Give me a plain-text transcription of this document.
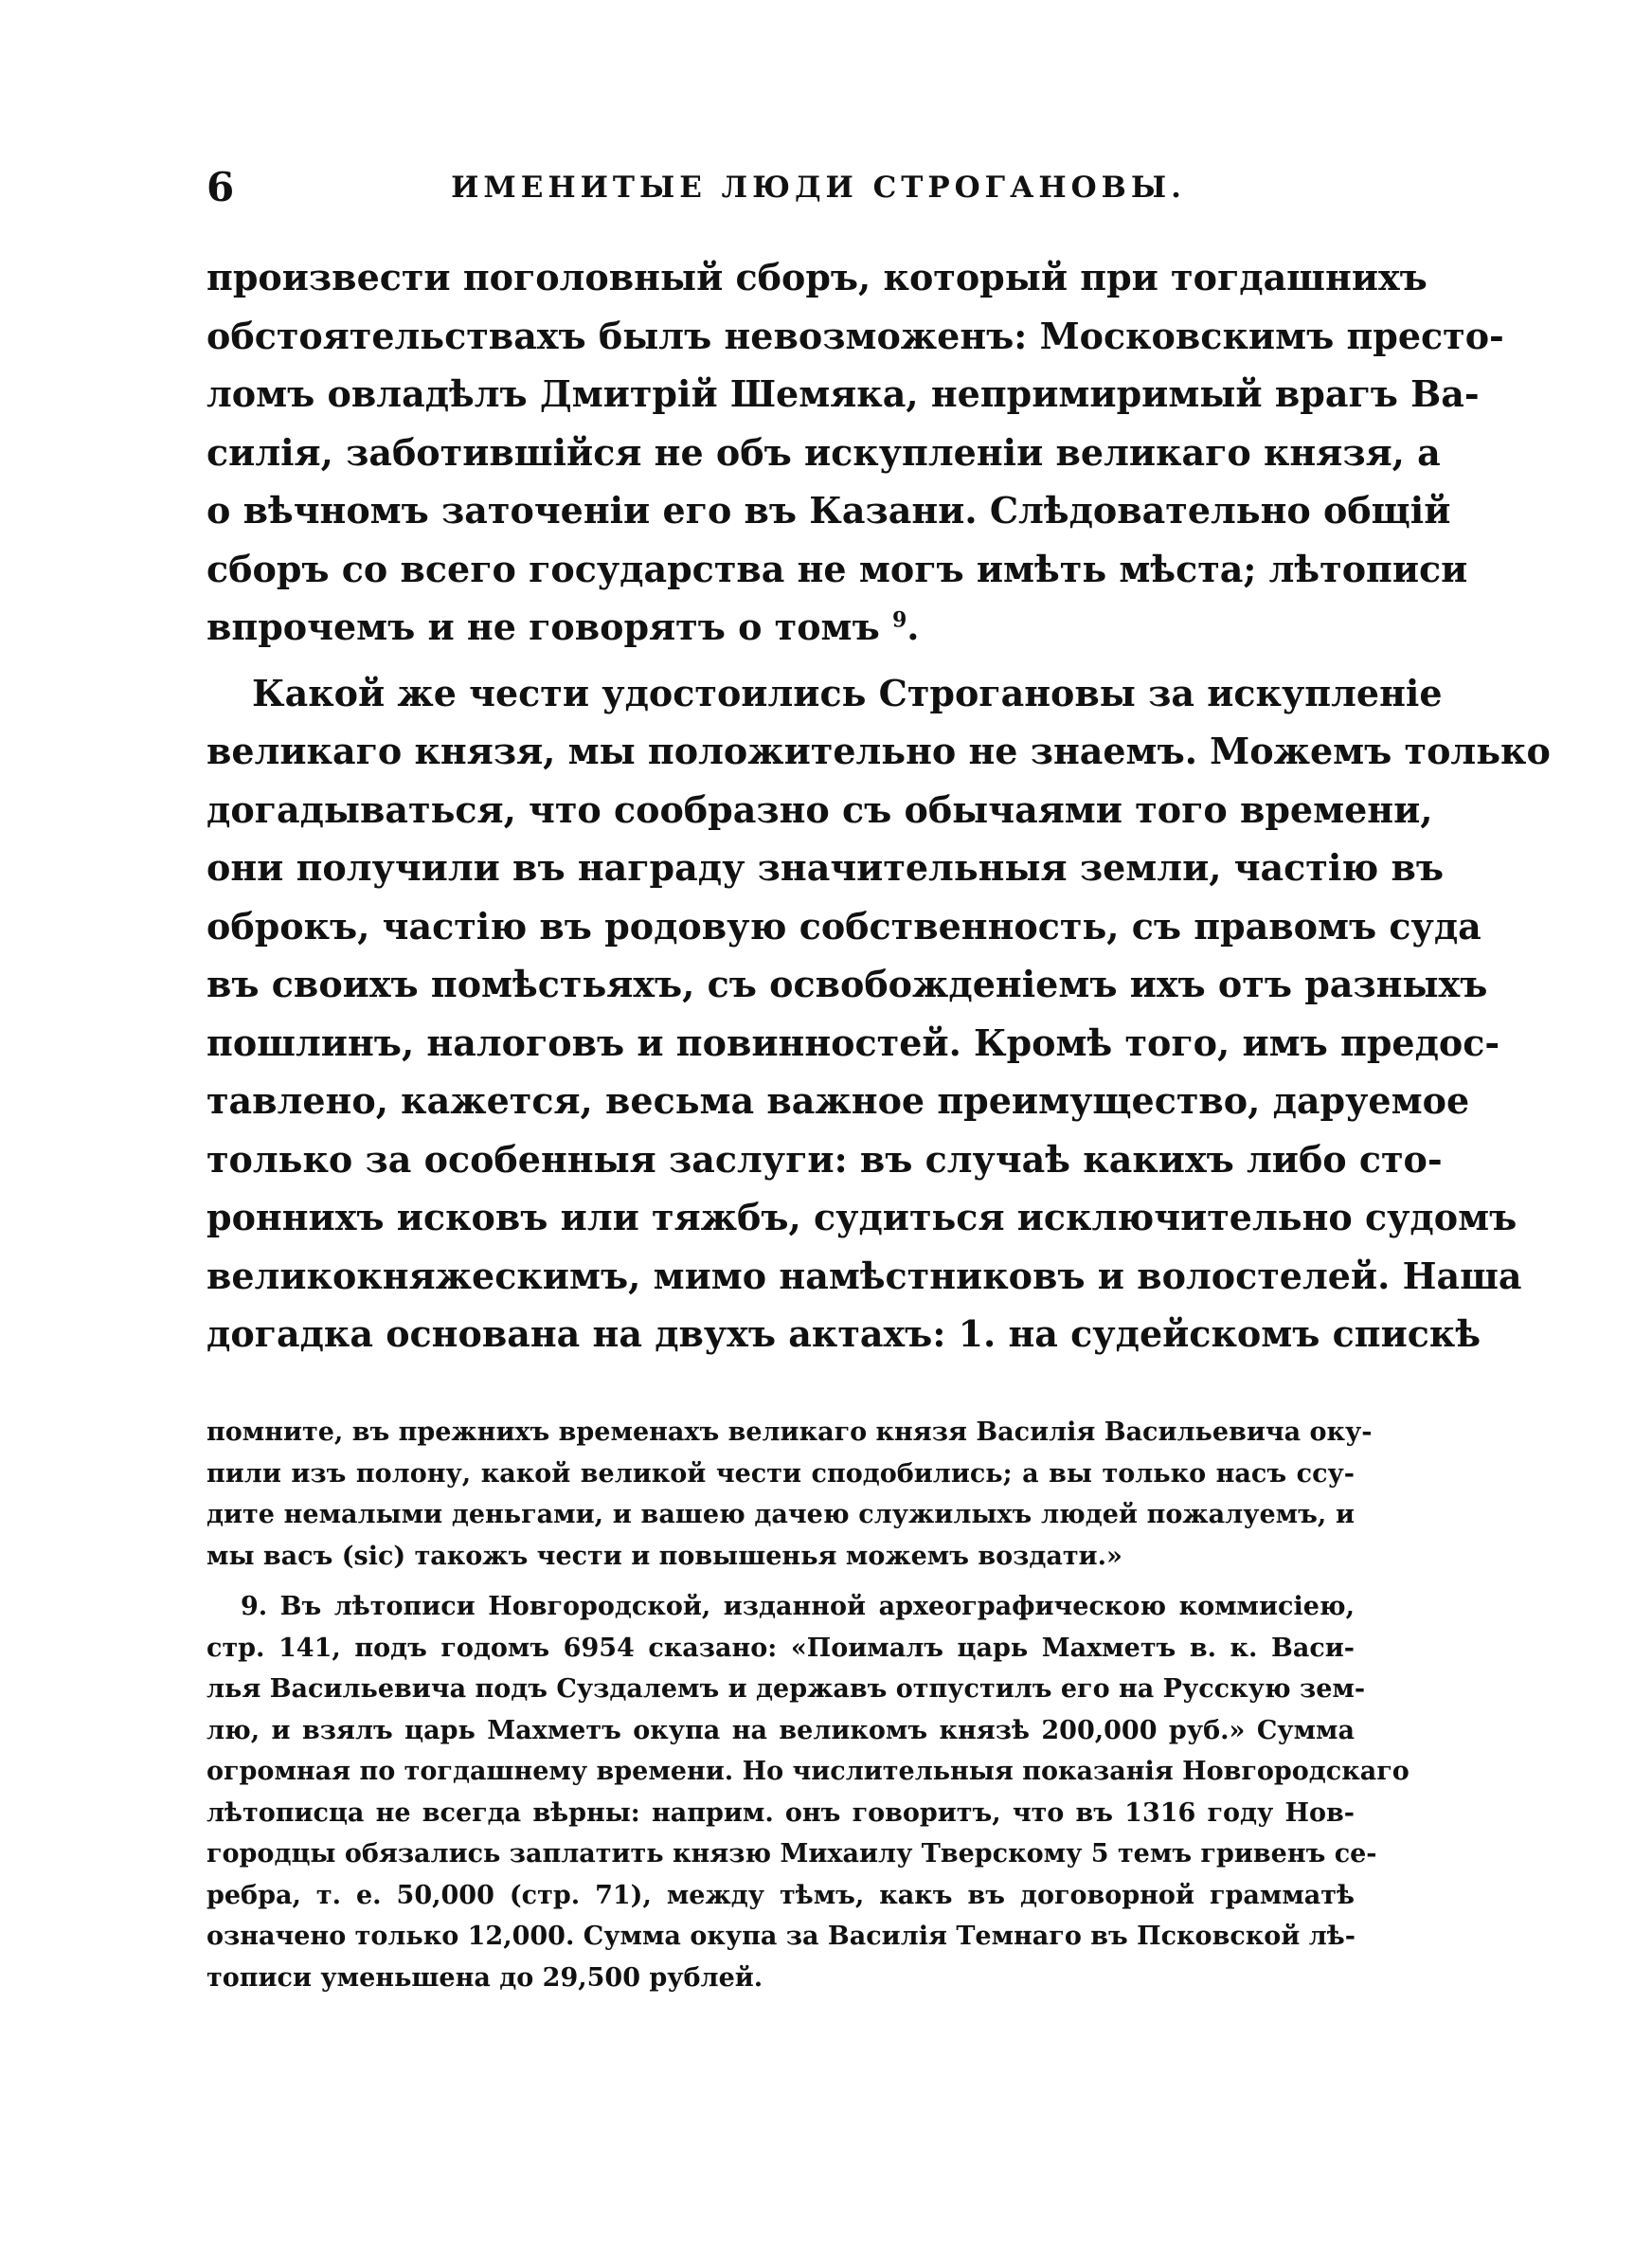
6	ИМЕНИТЫЕ ЛЮДИ СТРОГАНОВЫ.
произвести поголовный сборъ, который при тогдашнихъ
обстоятельствахъ былъ невозможенъ: Московскимъ престо-
ломъ овладѣлъ Дмитрій Шемяка, непримиримый врагъ Ва-
силія, заботившійся не объ искупленіи великаго князя, а
о вѣчномъ заточеніи его въ Казани. Слѣдовательно общій
сборъ со всего государства не могъ имѣть мѣста; лѣтописи
впрочемъ и не говорятъ о томъ $^9$.
Какой же чести удостоились Строгановы за искупленіе
великаго князя, мы положительно не знаемъ. Можемъ только
догадываться, что сообразно съ обычаями того времени,
они получили въ награду значительныя земли, частію въ
оброкъ, частію въ родовую собственность, съ правомъ суда
въ своихъ помѣстьяхъ, съ освобожденіемъ ихъ отъ разныхъ
пошлинъ, налоговъ и повинностей. Кромѣ того, имъ предос-
тавлено, кажется, весьма важное преимущество, даруемое
только за особенныя заслуги: въ случаѣ какихъ либо сто-
роннихъ исковъ или тяжбъ, судиться исключительно судомъ
великокняжескимъ, мимо намѣстниковъ и волостелей. Наша
догадка основана на двухъ актахъ: 1. на судейскомъ спискѣ
помните, въ прежнихъ временахъ великаго князя Василія Васильевича оку-
пили изъ полону, какой великой чести сподобились; а вы только насъ ссу-
дите немалыми деньгами, и вашею дачею служилыхъ людей пожалуемъ, и
мы васъ (sic) такожъ чести и повышенья можемъ воздати.»
9. Въ лѣтописи Новгородской, изданной археографическою коммисіею,
стр. 141, подъ годомъ 6954 сказано: «Поималъ царь Махметъ в. к. Васи-
лья Васильевича подъ Суздалемъ и державъ отпустилъ его на Русскую зем-
лю, и взялъ царь Махметъ окупа на великомъ князѣ 200,000 руб.» Сумма
огромная по тогдашнему времени. Но числительныя показанія Новгородскаго
лѣтописца не всегда вѣрны: наприм. онъ говоритъ, что въ 1316 году Нов-
городцы обязались заплатить князю Михаилу Тверскому 5 темъ гривенъ се-
ребра, т. е. 50,000 (стр. 71), между тѣмъ, какъ въ договорной грамматѣ
означено только 12,000. Сумма окупа за Василія Темнаго въ Псковской лѣ-
тописи уменьшена до 29,500 рублей.
